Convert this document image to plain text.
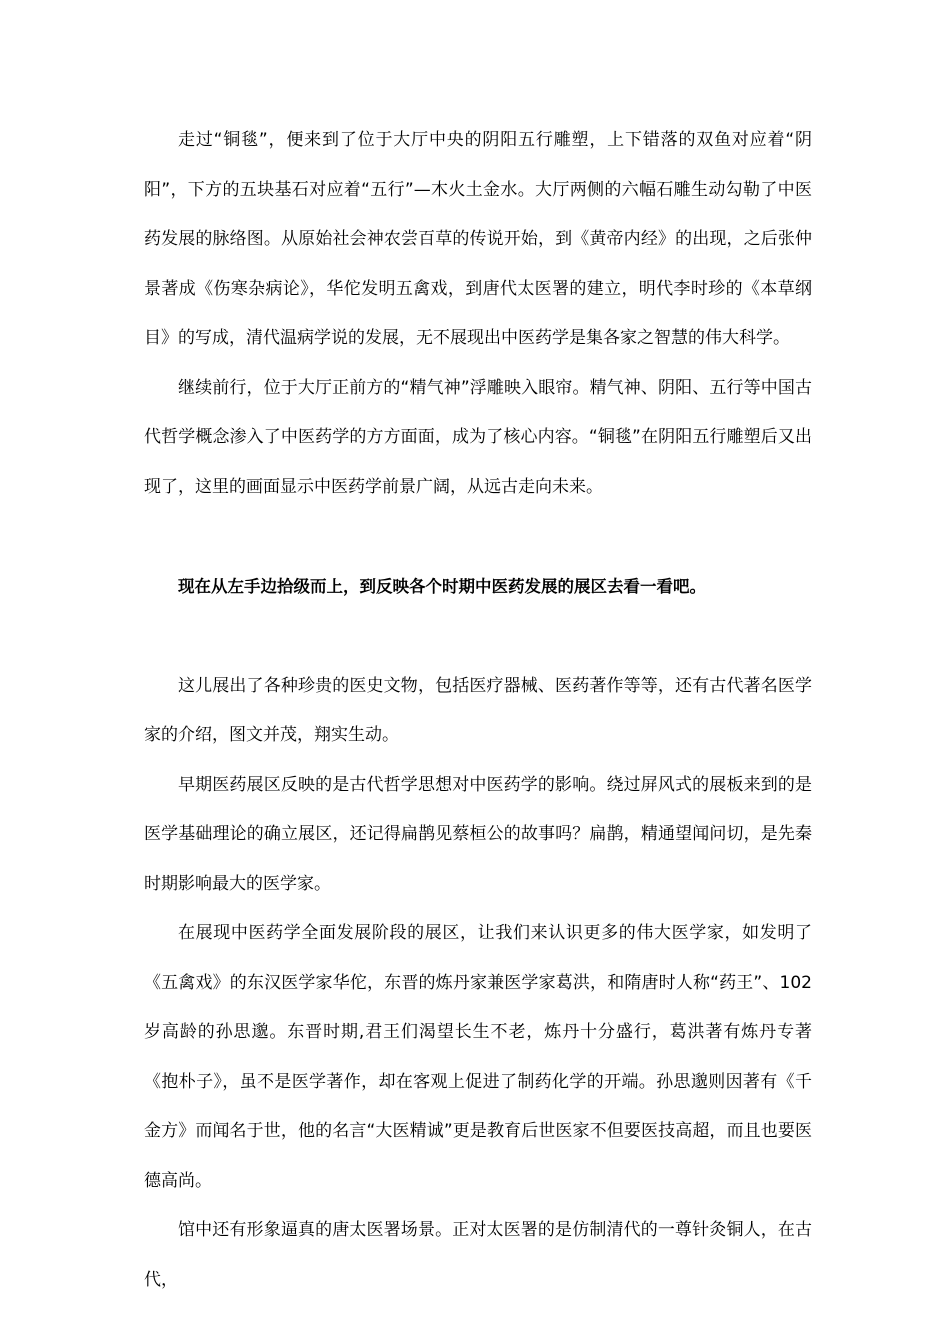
走过“铜毯”，便来到了位于大厅中央的阴阳五行雕塑，上下错落的双鱼对应着“阴阳”，下方的五块基石对应着“五行”—木火土金水。大厅两侧的六幅石雕生动勾勒了中医药发展的脉络图。从原始社会神农尝百草的传说开始，到《黄帝内经》的出现，之后张仲景著成《伤寒杂病论》，华佗发明五禽戏，到唐代太医署的建立，明代李时珍的《本草纲目》的写成，清代温病学说的发展，无不展现出中医药学是集各家之智慧的伟大科学。

继续前行，位于大厅正前方的“精气神”浮雕映入眼帘。精气神、阴阳、五行等中国古代哲学概念渗入了中医药学的方方面面，成为了核心内容。“铜毯”在阴阳五行雕塑后又出现了，这里的画面显示中医药学前景广阔，从远古走向未来。

现在从左手边拾级而上，到反映各个时期中医药发展的展区去看一看吧。

这儿展出了各种珍贵的医史文物，包括医疗器械、医药著作等等，还有古代著名医学家的介绍，图文并茂，翔实生动。

早期医药展区反映的是古代哲学思想对中医药学的影响。绕过屏风式的展板来到的是医学基础理论的确立展区，还记得扁鹊见蔡桓公的故事吗？扁鹊，精通望闻问切，是先秦时期影响最大的医学家。

在展现中医药学全面发展阶段的展区，让我们来认识更多的伟大医学家，如发明了《五禽戏》的东汉医学家华佗，东晋的炼丹家兼医学家葛洪，和隋唐时人称“药王”、102 岁高龄的孙思邈。东晋时期,君王们渴望长生不老，炼丹十分盛行，葛洪著有炼丹专著《抱朴子》，虽不是医学著作，却在客观上促进了制药化学的开端。孙思邈则因著有《千金方》而闻名于世，他的名言“大医精诚”更是教育后世医家不但要医技高超，而且也要医德高尚。

馆中还有形象逼真的唐太医署场景。正对太医署的是仿制清代的一尊针灸铜人，在古代，
